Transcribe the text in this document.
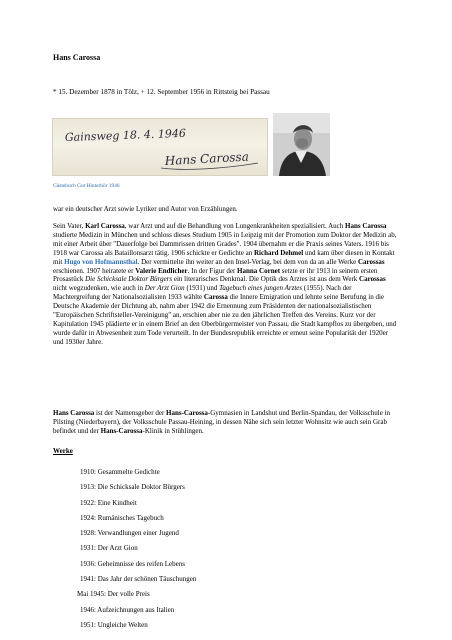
Hans Carossa
* 15. Dezember 1878 in Tölz, + 12. September 1956 in Rittsteig bei Passau
Gainsweg 18. 4. 1946
Hans Carossa
Gästebuch Gut Hinterhör 1946
war ein deutscher Arzt sowie Lyriker und Autor von Erzählungen.
Sein Vater, Karl Carossa, war Arzt und auf die Behandlung von Lungenkrankheiten spezialisiert. Auch Hans Carossa studierte Medizin in München und schloss dieses Studium 1905 in Leipzig mit der Promotion zum Doktor der Medizin ab, mit einer Arbeit über "Dauerfolge bei Dammrissen dritten Grades". 1904 übernahm er die Praxis seines Vaters. 1916 bis 1918 war Carossa als Bataillonsarzt tätig. 1906 schickte er Gedichte an Richard Dehmel und kam über diesen in Kontakt mit Hugo von Hofmannsthal. Der vermittelte ihn weiter an den Insel-Verlag, bei dem von da an alle Werke Carossas erschienen. 1907 heiratete er Valerie Endlicher. In der Figur der Hanna Cornet setzte er ihr 1913 in seinem ersten Prosastück Die Schicksale Doktor Bürgers ein literarisches Denkmal. Die Optik des Arztes ist aus dem Werk Carossas nicht wegzudenken, wie auch in Der Arzt Gion (1931) und Tagebuch eines jungen Arztes (1955). Nach der Machtergreifung der Nationalsozialisten 1933 wählte Carossa die Innere Emigration und lehnte seine Berufung in die Deutsche Akademie der Dichtung ab, nahm aber 1942 die Ernennung zum Präsidenten der nationalsozialistischen "Europäischen Schriftsteller-Vereinigung" an, erschien aber nie zu den jährlichen Treffen des Vereins. Kurz vor der Kapitulation 1945 plädierte er in einem Brief an den Oberbürgermeister von Passau, die Stadt kampflos zu übergeben, und wurde dafür in Abwesenheit zum Tode verurteilt. In der Bundesrepublik erreichte er erneut seine Popularität der 1920er und 1930er Jahre.
Hans Carossa ist der Namensgeber der Hans-Carossa-Gymnasien in Landshut und Berlin-Spandau, der Volksschule in Pilsting (Niederbayern), der Volksschule Passau-Heining, in dessen Nähe sich sein letzter Wohnsitz wie auch sein Grab befindet und der Hans-Carossa-Klinik in Stühlingen.
Werke
1910: Gesammelte Gedichte
1913: Die Schicksale Doktor Bürgers
1922: Eine Kindheit
1924: Rumänisches Tagebuch
1928: Verwandlungen einer Jugend
1931: Der Arzt Gion
1936: Geheimnisse des reifen Lebens
1941: Das Jahr der schönen Täuschungen
Mai 1945: Der volle Preis
1946: Aufzeichnungen aus Italien
1951: Ungleiche Welten
